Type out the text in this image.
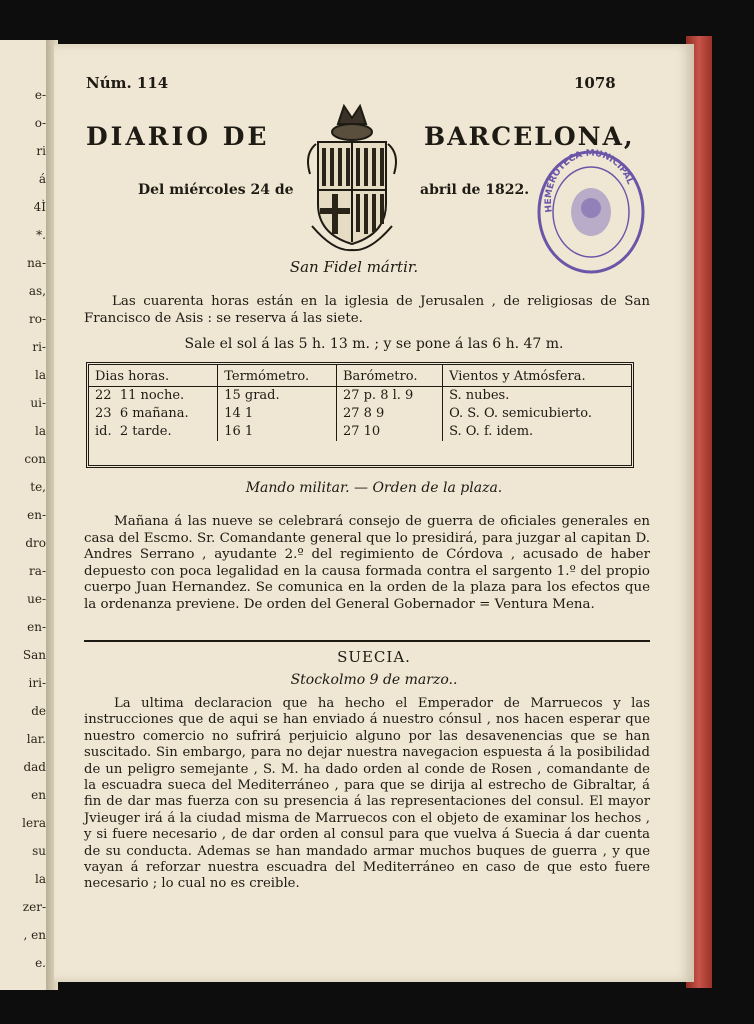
e-
o-
ri
á
4Ì
*.
na-
as,
ro-
ri-
la
ui-
la
con
te,
en-
dro
ra-
ue-
en-
San
iri-
de
lar.
dad
en
lera
su
la
zer-
, en
e.
Núm. 114	1078
DIARIO DE	BARCELONA,
Del miércoles 24 de	abril de 1822.
HEMEROTECA MUNICIPAL
San Fidel mártir.
Las cuarenta horas están en la iglesia de Jerusalen , de religiosas de San Francisco de Asis : se reserva á las siete.
Sale el sol á las 5 h. 13 m. ; y se pone á las 6 h. 47 m.
Dias horas.	Termómetro.	Barómetro.	Vientos y Atmósfera.
22 11 noche.	15 grad.	27 p. 8 l. 9	S. nubes.
23 6 mañana.	14 1	27 8 9	O. S. O. semicubierto.
id. 2 tarde.	16 1	27 10	S. O. f. idem.
Mando militar. — Orden de la plaza.
Mañana á las nueve se celebrará consejo de guerra de oficiales generales en casa del Escmo. Sr. Comandante general que lo presidirá, para juzgar al capitan D. Andres Serrano , ayudante 2.º del regimiento de Córdova , acusado de haber depuesto con poca legalidad en la causa formada contra el sargento 1.º del propio cuerpo Juan Hernandez. Se comunica en la orden de la plaza para los efectos que la ordenanza previene. De orden del General Gobernador = Ventura Mena.
SUECIA.
Stockolmo 9 de marzo..
La ultima declaracion que ha hecho el Emperador de Marruecos y las instrucciones que de aqui se han enviado á nuestro cónsul , nos hacen esperar que nuestro comercio no sufrirá perjuicio alguno por las desavenencias que se han suscitado. Sin embargo, para no dejar nuestra navegacion espuesta á la posibilidad de un peligro semejante , S. M. ha dado orden al conde de Rosen , comandante de la escuadra sueca del Mediterráneo , para que se dirija al estrecho de Gibraltar, á fin de dar mas fuerza con su presencia á las representaciones del consul. El mayor Jvieuger irá á la ciudad misma de Marruecos con el objeto de examinar los hechos , y si fuere necesario , de dar orden al consul para que vuelva á Suecia á dar cuenta de su conducta. Ademas se han mandado armar muchos buques de guerra , y que vayan á reforzar nuestra escuadra del Mediterráneo en caso de que esto fuere necesario ; lo cual no es creible.
